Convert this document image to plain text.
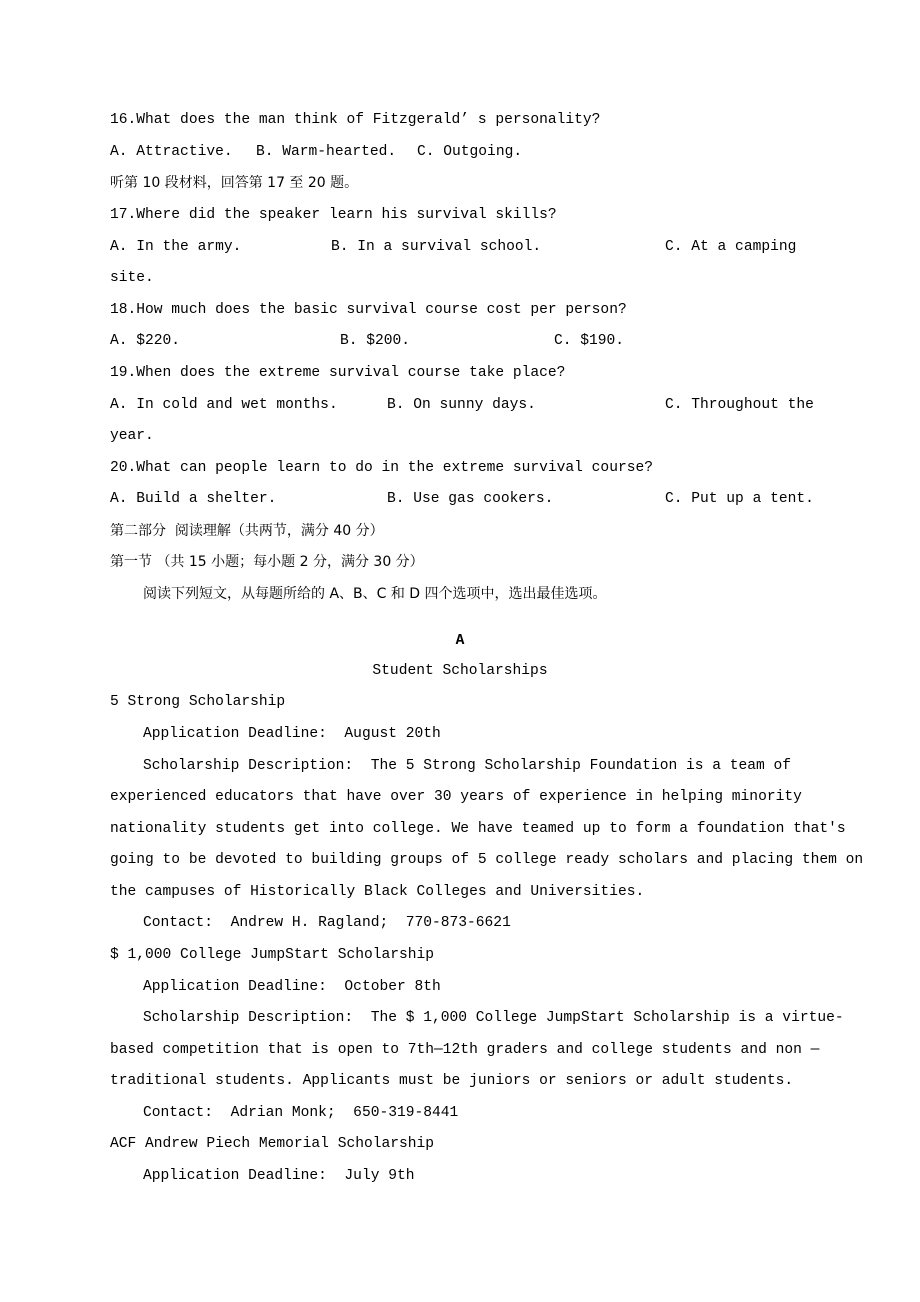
16.What does the man think of Fitzgerald’ s personality?
A. Attractive. B. Warm-hearted. C. Outgoing.
听第 10 段材料，回答第 17 至 20 题。
17.Where did the speaker learn his survival skills?
A. In the army.	B. In a survival school.	C. At a camping
site.
18.How much does the basic survival course cost per person?
A. $220.	B. $200.	C. $190.
19.When does the extreme survival course take place?
A. In cold and wet months.	B. On sunny days.	C. Throughout the
year.
20.What can people learn to do in the extreme survival course?
A. Build a shelter.	B. Use gas cookers.	C. Put up a tent.
第二部分  阅读理解（共两节，满分 40 分）
第一节 （共 15 小题；每小题 2 分，满分 30 分）
阅读下列短文，从每题所给的 A、B、C 和 D 四个选项中，选出最佳选项。
A
Student Scholarships
5 Strong Scholarship
Application Deadline:  August 20th
Scholarship Description:  The 5 Strong Scholarship Foundation is a team of
experienced educators that have over 30 years of experience in helping minority
nationality students get into college. We have teamed up to form a foundation that's
going to be devoted to building groups of 5 college ready scholars and placing them on
the campuses of Historically Black Colleges and Universities.
Contact:  Andrew H. Ragland;  770-873-6621
$ 1,000 College JumpStart Scholarship
Application Deadline:  October 8th
Scholarship Description:  The $ 1,000 College JumpStart Scholarship is a virtue-
based competition that is open to 7th—12th graders and college students and non —
traditional students. Applicants must be juniors or seniors or adult students.
Contact:  Adrian Monk;  650-319-8441
ACF Andrew Piech Memorial Scholarship
Application Deadline:  July 9th
